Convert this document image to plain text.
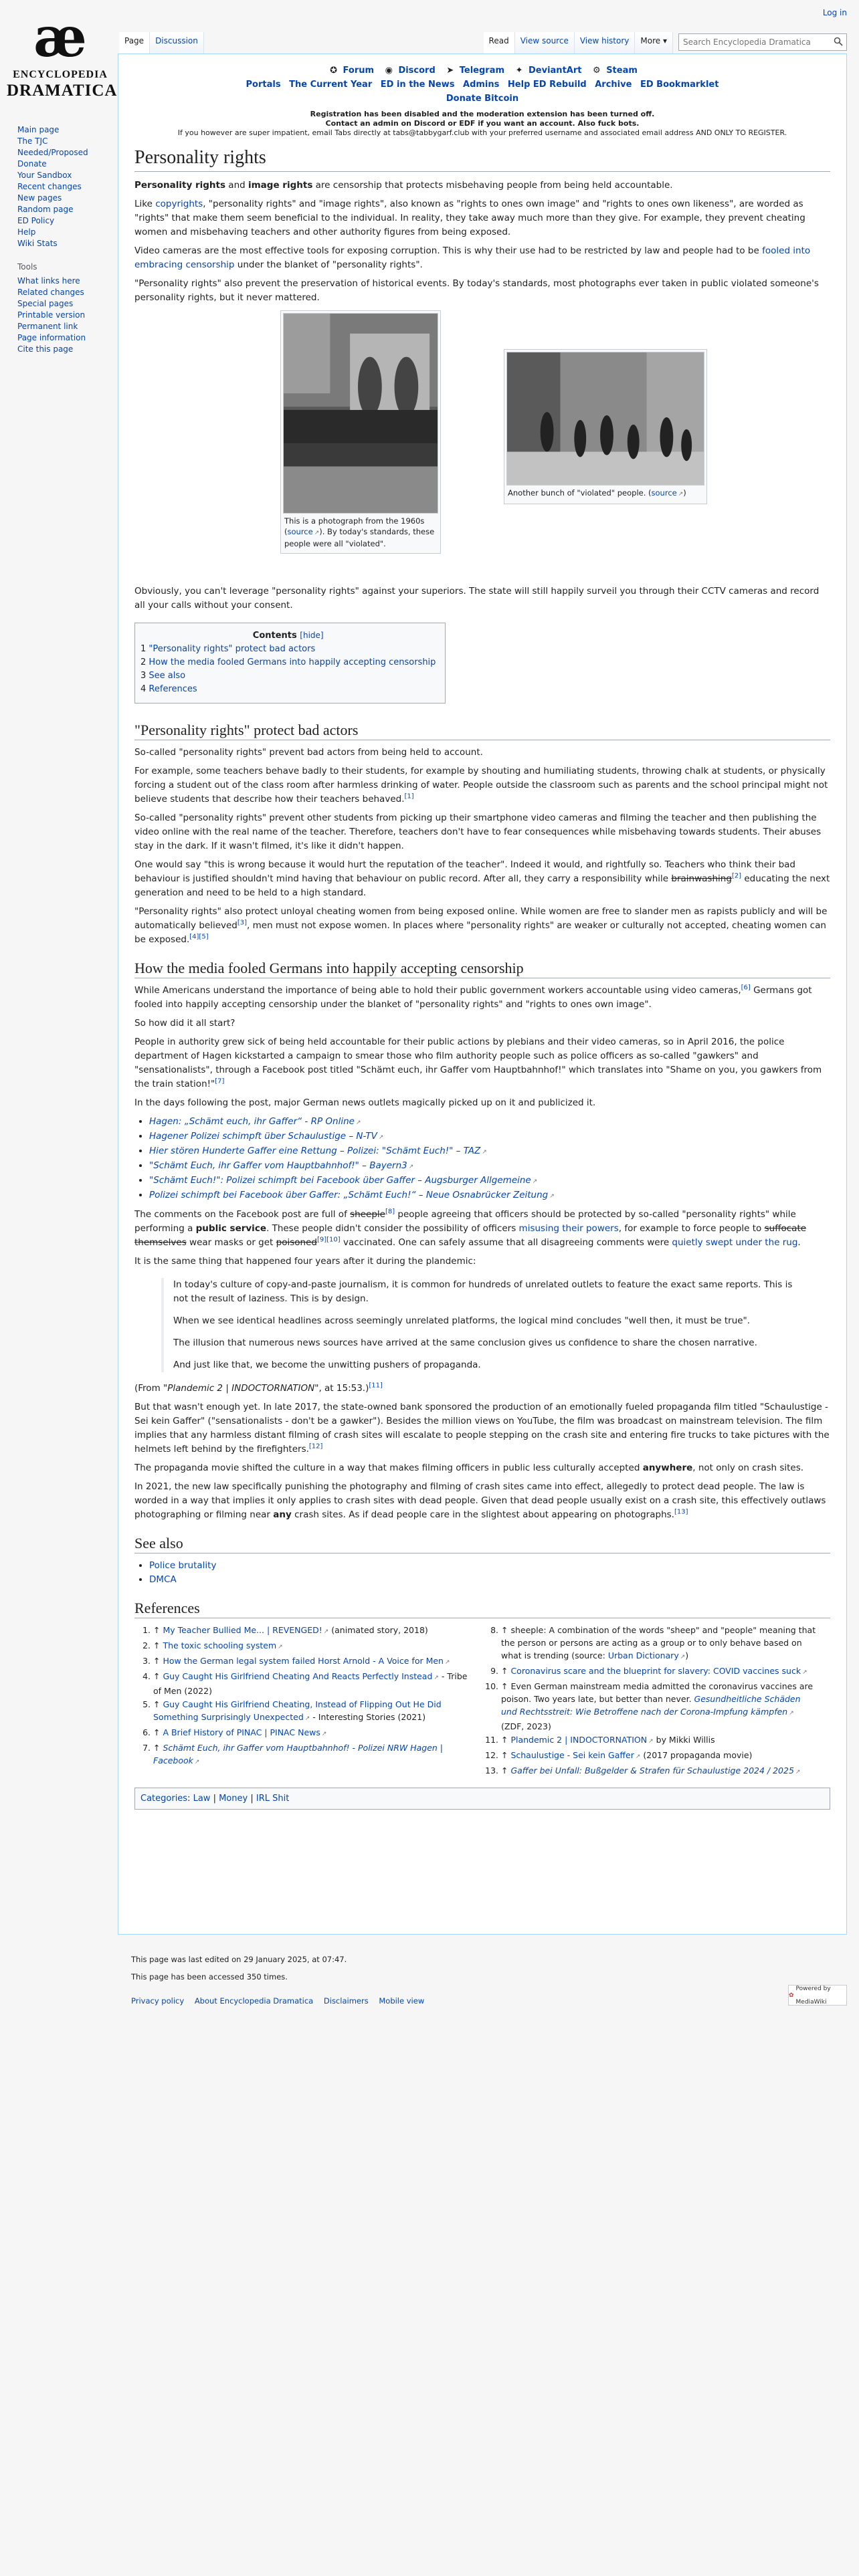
Log in
æ
ENCYCLOPEDIA
DRAMATICA
Page	Discussion	Read	View source	View history	More ▾
Search Encyclopedia Dramatica
Main page
The TJC
Needed/Proposed
Donate
Your Sandbox
Recent changes
New pages
Random page
ED Policy
Help
Wiki Stats
Tools
What links here
Related changes
Special pages
Printable version
Permanent link
Page information
Cite this page
✪ Forum ◉ Discord ➤ Telegram ✦ DeviantArt ⚙ Steam
Portals The Current Year ED in the News Admins Help ED Rebuild Archive ED Bookmarklet
Donate Bitcoin
Registration has been disabled and the moderation extension has been turned off.
Contact an admin on Discord or EDF if you want an account. Also fuck bots.
If you however are super impatient, email Tabs directly at tabs@tabbygarf.club with your preferred username and associated email address AND ONLY TO REGISTER.
Personality rights

Personality rights and image rights are censorship that protects misbehaving people from being held accountable.

Like copyrights, "personality rights" and "image rights", also known as "rights to ones own image" and "rights to ones own likeness", are worded as "rights" that make them seem beneficial to the individual. In reality, they take away much more than they give. For example, they prevent cheating women and misbehaving teachers and other authority figures from being exposed.

Video cameras are the most effective tools for exposing corruption. This is why their use had to be restricted by law and people had to be fooled into embracing censorship under the blanket of "personality rights".

"Personality rights" also prevent the preservation of historical events. By today's standards, most photographs ever taken in public violated someone's personality rights, but it never mattered.

This is a photograph from the 1960s (source ↗ ). By today's standards, these people were all "violated".
Another bunch of "violated" people. (source ↗ )

Obviously, you can't leverage "personality rights" against your superiors. The state will still happily surveil you through their CCTV cameras and record all your calls without your consent.

Contents [hide]
1 "Personality rights" protect bad actors
2 How the media fooled Germans into happily accepting censorship
3 See also
4 References
"Personality rights" protect bad actors

So-called "personality rights" prevent bad actors from being held to account.

For example, some teachers behave badly to their students, for example by shouting and humiliating students, throwing chalk at students, or physically forcing a student out of the class room after harmless drinking of water. People outside the classroom such as parents and the school principal might not believe students that describe how their teachers behaved.[1]

So-called "personality rights" prevent other students from picking up their smartphone video cameras and filming the teacher and then publishing the video online with the real name of the teacher. Therefore, teachers don't have to fear consequences while misbehaving towards students. Their abuses stay in the dark. If it wasn't filmed, it's like it didn't happen.

One would say "this is wrong because it would hurt the reputation of the teacher". Indeed it would, and rightfully so. Teachers who think their bad behaviour is justified shouldn't mind having that behaviour on public record. After all, they carry a responsibility while brainwashing[2] educating the next generation and need to be held to a high standard.

"Personality rights" also protect unloyal cheating women from being exposed online. While women are free to slander men as rapists publicly and will be automatically believed[3], men must not expose women. In places where "personality rights" are weaker or culturally not accepted, cheating women can be exposed.[4][5]

How the media fooled Germans into happily accepting censorship

While Americans understand the importance of being able to hold their public government workers accountable using video cameras,[6] Germans got fooled into happily accepting censorship under the blanket of "personality rights" and "rights to ones own image".

So how did it all start?

People in authority grew sick of being held accountable for their public actions by plebians and their video cameras, so in April 2016, the police department of Hagen kickstarted a campaign to smear those who film authority people such as police officers as so-called "gawkers" and "sensationalists", through a Facebook post titled "Schämt euch, ihr Gaffer vom Hauptbahnhof!" which translates into "Shame on you, you gawkers from the train station!"[7]

In the days following the post, major German news outlets magically picked up on it and publicized it.

• Hagen: „Schämt euch, ihr Gaffer“ - RP Online ↗
• Hagener Polizei schimpft über Schaulustige – N-TV ↗
• Hier stören Hunderte Gaffer eine Rettung – Polizei: "Schämt Euch!" – TAZ ↗
• "Schämt Euch, ihr Gaffer vom Hauptbahnhof!" – Bayern3 ↗
• "Schämt Euch!": Polizei schimpft bei Facebook über Gaffer – Augsburger Allgemeine ↗
• Polizei schimpft bei Facebook über Gaffer: „Schämt Euch!“ – Neue Osnabrücker Zeitung ↗

The comments on the Facebook post are full of sheeple[8] people agreeing that officers should be protected by so-called "personality rights" while performing a public service. These people didn't consider the possibility of officers misusing their powers, for example to force people to suffocate themselves wear masks or get poisoned[9][10] vaccinated. One can safely assume that all disagreeing comments were quietly swept under the rug.

It is the same thing that happened four years after it during the plandemic:

In today's culture of copy-and-paste journalism, it is common for hundreds of unrelated outlets to feature the exact same reports. This is not the result of laziness. This is by design.

When we see identical headlines across seemingly unrelated platforms, the logical mind concludes "well then, it must be true".

The illusion that numerous news sources have arrived at the same conclusion gives us confidence to share the chosen narrative.

And just like that, we become the unwitting pushers of propaganda.

(From "Plandemic 2 | INDOCTORNATION", at 15:53.)[11]

But that wasn't enough yet. In late 2017, the state-owned bank sponsored the production of an emotionally fueled propaganda film titled "Schaulustige - Sei kein Gaffer" ("sensationalists - don't be a gawker"). Besides the million views on YouTube, the film was broadcast on mainstream television. The film implies that any harmless distant filming of crash sites will escalate to people stepping on the crash site and entering fire trucks to take pictures with the helmets left behind by the firefighters.[12]

The propaganda movie shifted the culture in a way that makes filming officers in public less culturally accepted anywhere, not only on crash sites.

In 2021, the new law specifically punishing the photography and filming of crash sites came into effect, allegedly to protect dead people. The law is worded in a way that implies it only applies to crash sites with dead people. Given that dead people usually exist on a crash site, this effectively outlaws photographing or filming near any crash sites. As if dead people care in the slightest about appearing on photographs.[13]

See also
• Police brutality
• DMCA
References
1. ↑ My Teacher Bullied Me... | REVENGED! ↗ (animated story, 2018)
2. ↑ The toxic schooling system ↗
3. ↑ How the German legal system failed Horst Arnold - A Voice for Men ↗
4. ↑ Guy Caught His Girlfriend Cheating And Reacts Perfectly Instead ↗ - Tribe of Men (2022)
5. ↑ Guy Caught His Girlfriend Cheating, Instead of Flipping Out He Did Something Surprisingly Unexpected ↗ - Interesting Stories (2021)
6. ↑ A Brief History of PINAC | PINAC News ↗
7. ↑ Schämt Euch, ihr Gaffer vom Hauptbahnhof! - Polizei NRW Hagen | Facebook ↗
8. ↑ sheeple: A combination of the words "sheep" and "people" meaning that the person or persons are acting as a group or to only behave based on what is trending (source: Urban Dictionary ↗ )
9. ↑ Coronavirus scare and the blueprint for slavery: COVID vaccines suck ↗
10. ↑ Even German mainstream media admitted the coronavirus vaccines are poison. Two years late, but better than never. Gesundheitliche Schäden und Rechtsstreit: Wie Betroffene nach der Corona-Impfung kämpfen ↗ (ZDF, 2023)
11. ↑ Plandemic 2 | INDOCTORNATION ↗ by Mikki Willis
12. ↑ Schaulustige - Sei kein Gaffer ↗ (2017 propaganda movie)
13. ↑ Gaffer bei Unfall: Bußgelder & Strafen für Schaulustige 2024 / 2025 ↗
Categories: Law | Money | IRL Shit
This page was last edited on 29 January 2025, at 07:47.
This page has been accessed 350 times.
Privacy policy About Encyclopedia Dramatica Disclaimers Mobile view
✿
Powered by MediaWiki
